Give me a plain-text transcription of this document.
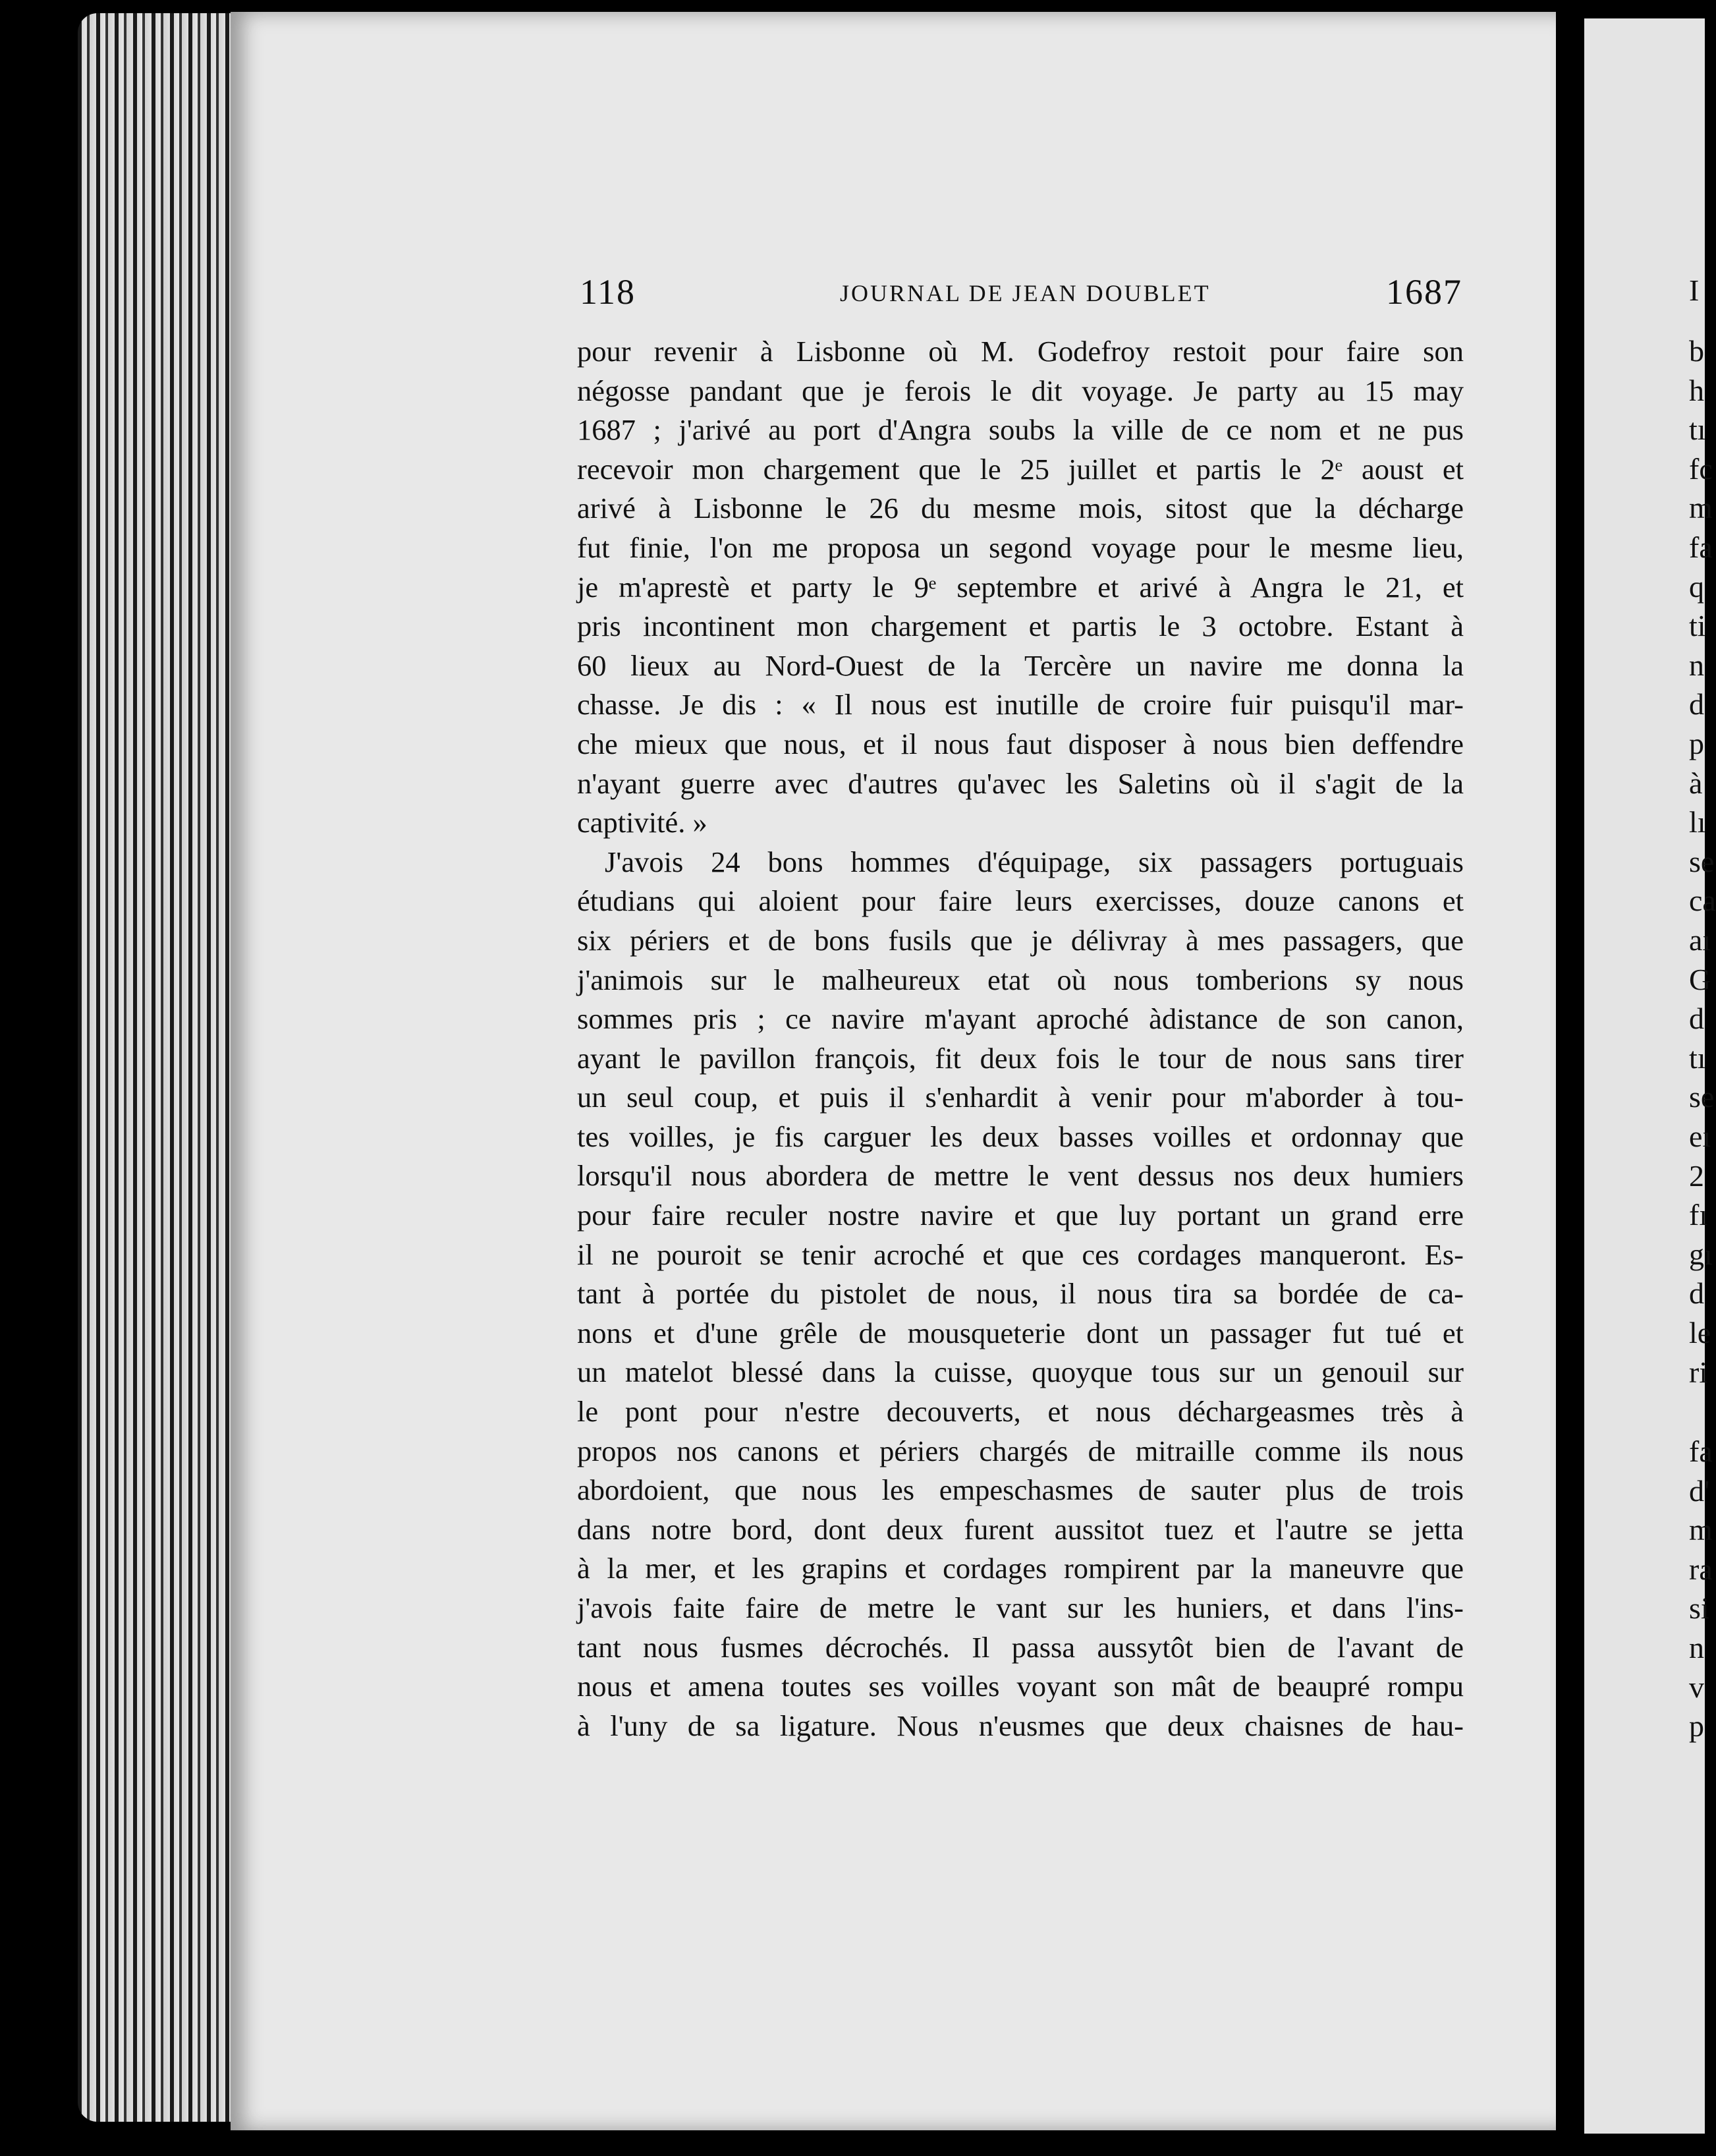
118	JOURNAL DE JEAN DOUBLET	1687
pour revenir à Lisbonne où M. Godefroy restoit pour faire son
négosse pandant que je ferois le dit voyage. Je party au 15 may
1687 ; j'arivé au port d'Angra soubs la ville de ce nom et ne pus
recevoir mon chargement que le 25 juillet et partis le 2ᵉ aoust et
arivé à Lisbonne le 26 du mesme mois, sitost que la décharge
fut finie, l'on me proposa un segond voyage pour le mesme lieu,
je m'aprestè et party le 9ᵉ septembre et arivé à Angra le 21, et
pris incontinent mon chargement et partis le 3 octobre. Estant à
60 lieux au Nord-Ouest de la Tercère un navire me donna la
chasse. Je dis : « Il nous est inutille de croire fuir puisqu'il mar-
che mieux que nous, et il nous faut disposer à nous bien deffendre
n'ayant guerre avec d'autres qu'avec les Saletins où il s'agit de la
captivité. »
J'avois 24 bons hommes d'équipage, six passagers portuguais
étudians qui aloient pour faire leurs exercisses, douze canons et
six périers et de bons fusils que je délivray à mes passagers, que
j'animois sur le malheureux etat où nous tomberions sy nous
sommes pris ; ce navire m'ayant aproché àdistance de son canon,
ayant le pavillon françois, fit deux fois le tour de nous sans tirer
un seul coup, et puis il s'enhardit à venir pour m'aborder à tou-
tes voilles, je fis carguer les deux basses voilles et ordonnay que
lorsqu'il nous abordera de mettre le vent dessus nos deux humiers
pour faire reculer nostre navire et que luy portant un grand erre
il ne pouroit se tenir acroché et que ces cordages manqueront. Es-
tant à portée du pistolet de nous, il nous tira sa bordée de ca-
nons et d'une grêle de mousqueterie dont un passager fut tué et
un matelot blessé dans la cuisse, quoyque tous sur un genouil sur
le pont pour n'estre decouverts, et nous déchargeasmes très à
propos nos canons et périers chargés de mitraille comme ils nous
abordoient, que nous les empeschasmes de sauter plus de trois
dans notre bord, dont deux furent aussitot tuez et l'autre se jetta
à la mer, et les grapins et cordages rompirent par la maneuvre que
j'avois faite faire de metre le vant sur les huniers, et dans l'ins-
tant nous fusmes décrochés. Il passa aussytôt bien de l'avant de
nous et amena toutes ses voilles voyant son mât de beaupré rompu
à l'uny de sa ligature. Nous n'eusmes que deux chaisnes de hau-
I
b
h
tı
fc
m
fa
q
ti
n
d
p
à
lı
se
ca
aı
G
d
tı
se
eı
2
fı
gı
d
le
ri
fa
d'
m
ra
si
n
v
p
